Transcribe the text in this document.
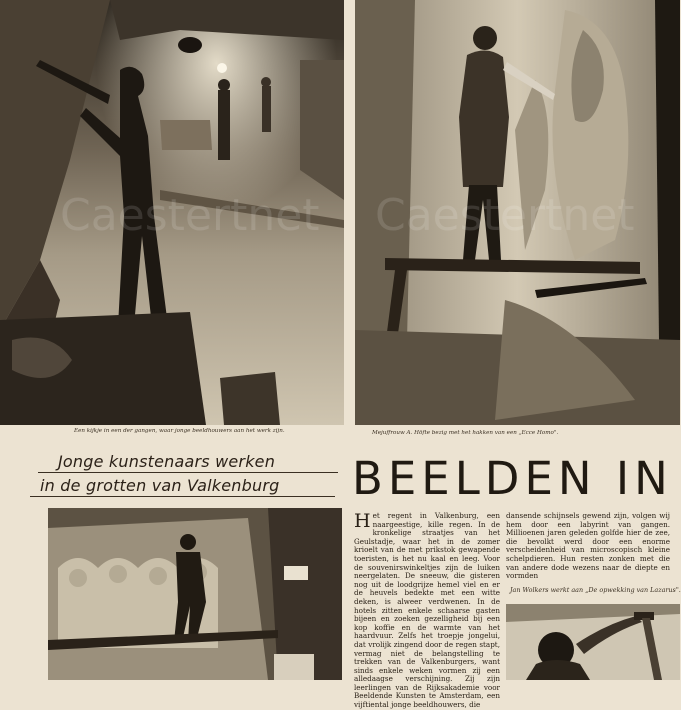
Een kijkje in een der gangen, waar jonge beeldhouwers aan het werk zijn.	Mejuffrouw A. Höfte bezig met het hakken van een „Ecce Homo".
Jonge kunstenaars werken
in de grotten van Valkenburg BEELDEN IN

Het regent in Valkenburg, een naargeestige, kille regen. In de kronkelige straatjes van het Geulstadje, waar het in de zomer krioelt van de met prikstok gewapende toeristen, is het nu kaal en leeg. Voor de souvenirswinkeltjes zijn de luiken neergelaten. De sneeuw, die gisteren nog uit de loodgrijze hemel viel en er de heuvels bedekte met een witte deken, is alweer verdwenen. In de hotels zitten enkele schaarse gasten bijeen en zoeken gezelligheid bij een kop koffie en de warmte van het haardvuur. Zelfs het troepje jongelui, dat vrolijk zingend door de regen stapt, vermag niet de belangstelling te trekken van de Valkenburgers, want sinds enkele weken vormen zij een alledaagse verschijning. Zij zijn leerlingen van de Rijksakademie voor Beeldende Kunsten te Amsterdam, een vijftiental jonge beeldhouwers, die

dansende schijnsels gewend zijn, volgen wij hem door een labyrint van gangen. Millioenen jaren geleden golfde hier de zee, die bevolkt werd door een enorme verscheidenheid van microscopisch kleine schelpdieren. Hun resten zonken met die van andere dode wezens naar de diepte en vormden

Jan Wolkers werkt aan „De opwekking van Lazarus".
